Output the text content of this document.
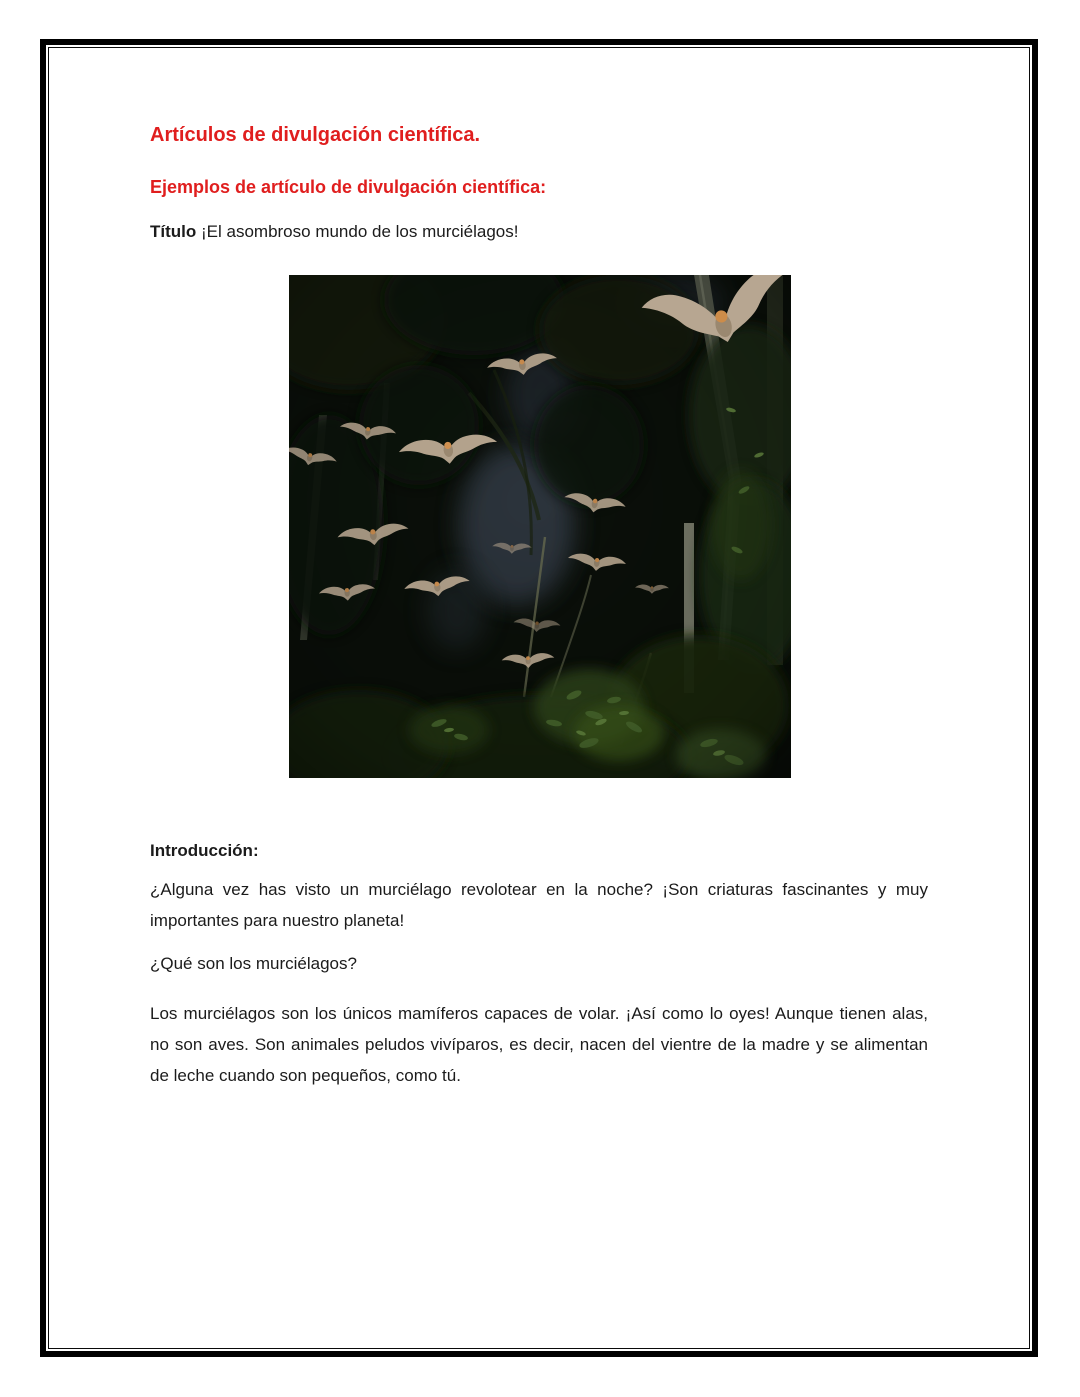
Artículos de divulgación científica.
Ejemplos de artículo de divulgación científica:
Título ¡El asombroso mundo de los murciélagos!
Introducción:
¿Alguna vez has visto un murciélago revolotear en la noche? ¡Son criaturas fascinantes y muy importantes para nuestro planeta!
¿Qué son los murciélagos?
Los murciélagos son los únicos mamíferos capaces de volar. ¡Así como lo oyes! Aunque tienen alas, no son aves. Son animales peludos vivíparos, es decir, nacen del vientre de la madre y se alimentan de leche cuando son pequeños, como tú.
